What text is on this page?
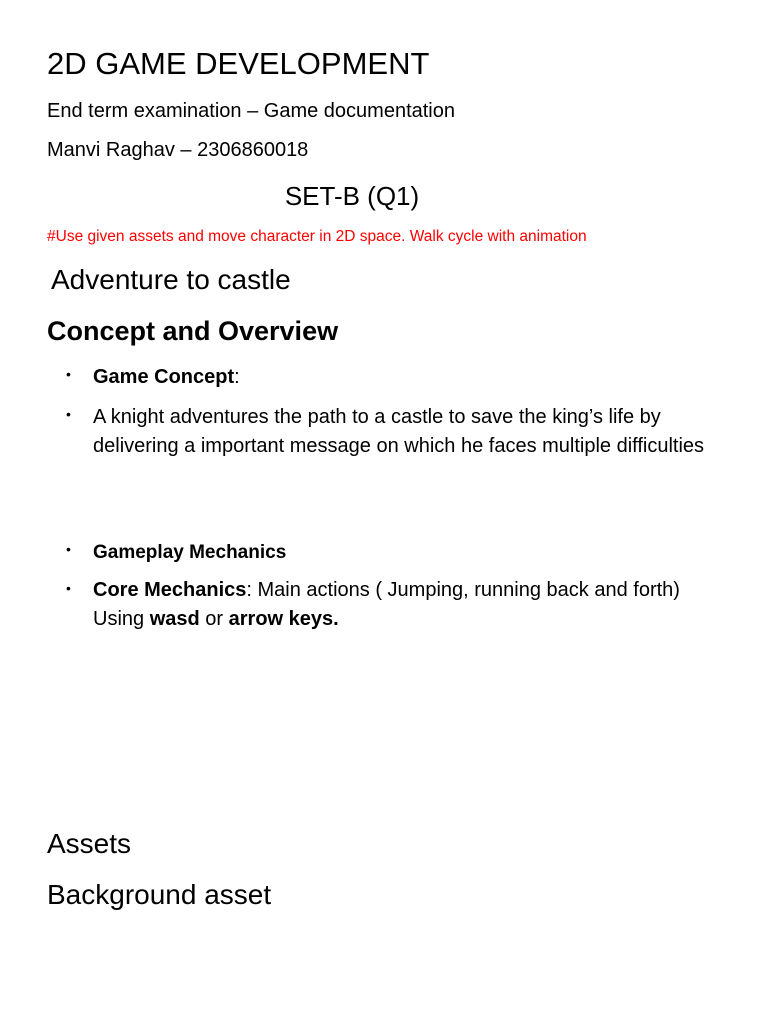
2D GAME DEVELOPMENT
End term examination – Game documentation
Manvi Raghav – 2306860018
SET-B (Q1)
#Use given assets and move character in 2D space. Walk cycle with animation
Adventure to castle
Concept and Overview
• Game Concept:
• A knight adventures the path to a castle to save the king’s life by delivering a important message on which he faces multiple difficulties
• Gameplay Mechanics
• Core Mechanics: Main actions ( Jumping, running back and forth) Using wasd or arrow keys.
Assets
Background asset
